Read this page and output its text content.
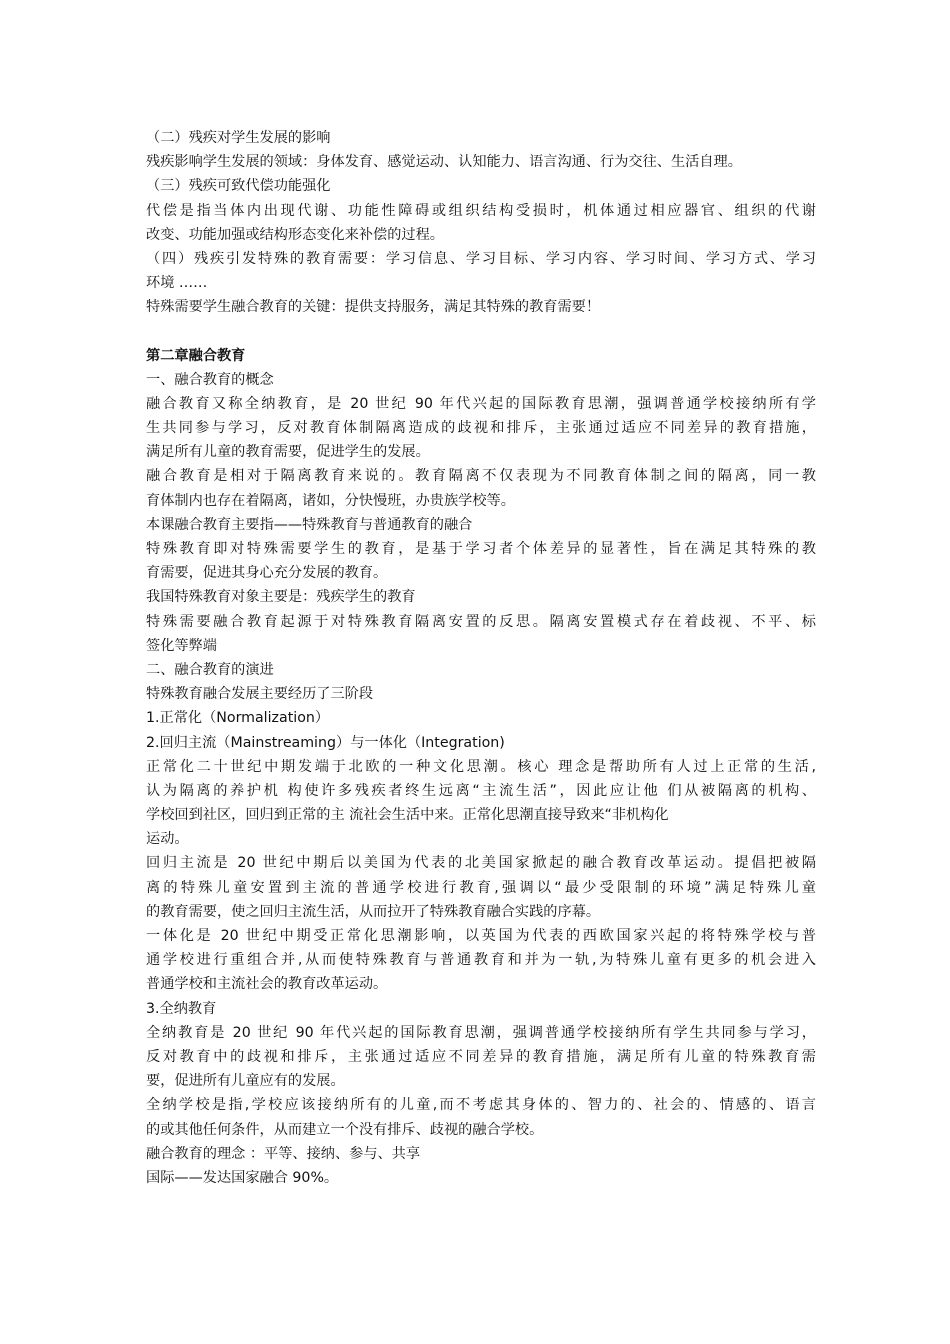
（二）残疾对学生发展的影响
残疾影响学生发展的领域：身体发育、感觉运动、认知能力、语言沟通、行为交往、生活自理。
（三）残疾可致代偿功能强化
代偿是指当体内出现代谢、功能性障碍或组织结构受损时，机体通过相应器官、组织的代谢
改变、功能加强或结构形态变化来补偿的过程。
（四）残疾引发特殊的教育需要：学习信息、学习目标、学习内容、学习时间、学习方式、学习
环境 ……
特殊需要学生融合教育的关键：提供支持服务，满足其特殊的教育需要！
第二章融合教育
一、融合教育的概念
融合教育又称全纳教育，是 20 世纪 90 年代兴起的国际教育思潮，强调普通学校接纳所有学
生共同参与学习，反对教育体制隔离造成的歧视和排斥，主张通过适应不同差异的教育措施，
满足所有儿童的教育需要，促进学生的发展。
融合教育是相对于隔离教育来说的。教育隔离不仅表现为不同教育体制之间的隔离，同一教
育体制内也存在着隔离，诸如，分快慢班，办贵族学校等。
本课融合教育主要指——特殊教育与普通教育的融合
特殊教育即对特殊需要学生的教育，是基于学习者个体差异的显著性，旨在满足其特殊的教
育需要，促进其身心充分发展的教育。
我国特殊教育对象主要是：残疾学生的教育
特殊需要融合教育起源于对特殊教育隔离安置的反思。隔离安置模式存在着歧视、不平、标
签化等弊端
二、融合教育的演进
特殊教育融合发展主要经历了三阶段
1.正常化（Normalization）
2.回归主流（Mainstreaming）与一体化（Integration)
正常化二十世纪中期发端于北欧的一种文化思潮。核心 理念是帮助所有人过上正常的生活,
认为隔离的养护机 构使许多残疾者终生远离“主流生活”，因此应让他 们从被隔离的机构、
学校回到社区，回归到正常的主 流社会生活中来。正常化思潮直接导致来“非机构化
运动。
回归主流是 20 世纪中期后以美国为代表的北美国家掀起的融合教育改革运动。提倡把被隔
离的特殊儿童安置到主流的普通学校进行教育,强调以“最少受限制的环境”满足特殊儿童
的教育需要，使之回归主流生活，从而拉开了特殊教育融合实践的序幕。
一体化是 20 世纪中期受正常化思潮影响，以英国为代表的西欧国家兴起的将特殊学校与普
通学校进行重组合并,从而使特殊教育与普通教育和并为一轨,为特殊儿童有更多的机会进入
普通学校和主流社会的教育改革运动。
3.全纳教育
全纳教育是 20 世纪 90 年代兴起的国际教育思潮，强调普通学校接纳所有学生共同参与学习，
反对教育中的歧视和排斥，主张通过适应不同差异的教育措施，满足所有儿童的特殊教育需
要，促进所有儿童应有的发展。
全纳学校是指,学校应该接纳所有的儿童,而不考虑其身体的、智力的、社会的、情感的、语言
的或其他任何条件，从而建立一个没有排斥、歧视的融合学校。
融合教育的理念 ：平等、接纳、参与、共享
国际——发达国家融合 90%。
